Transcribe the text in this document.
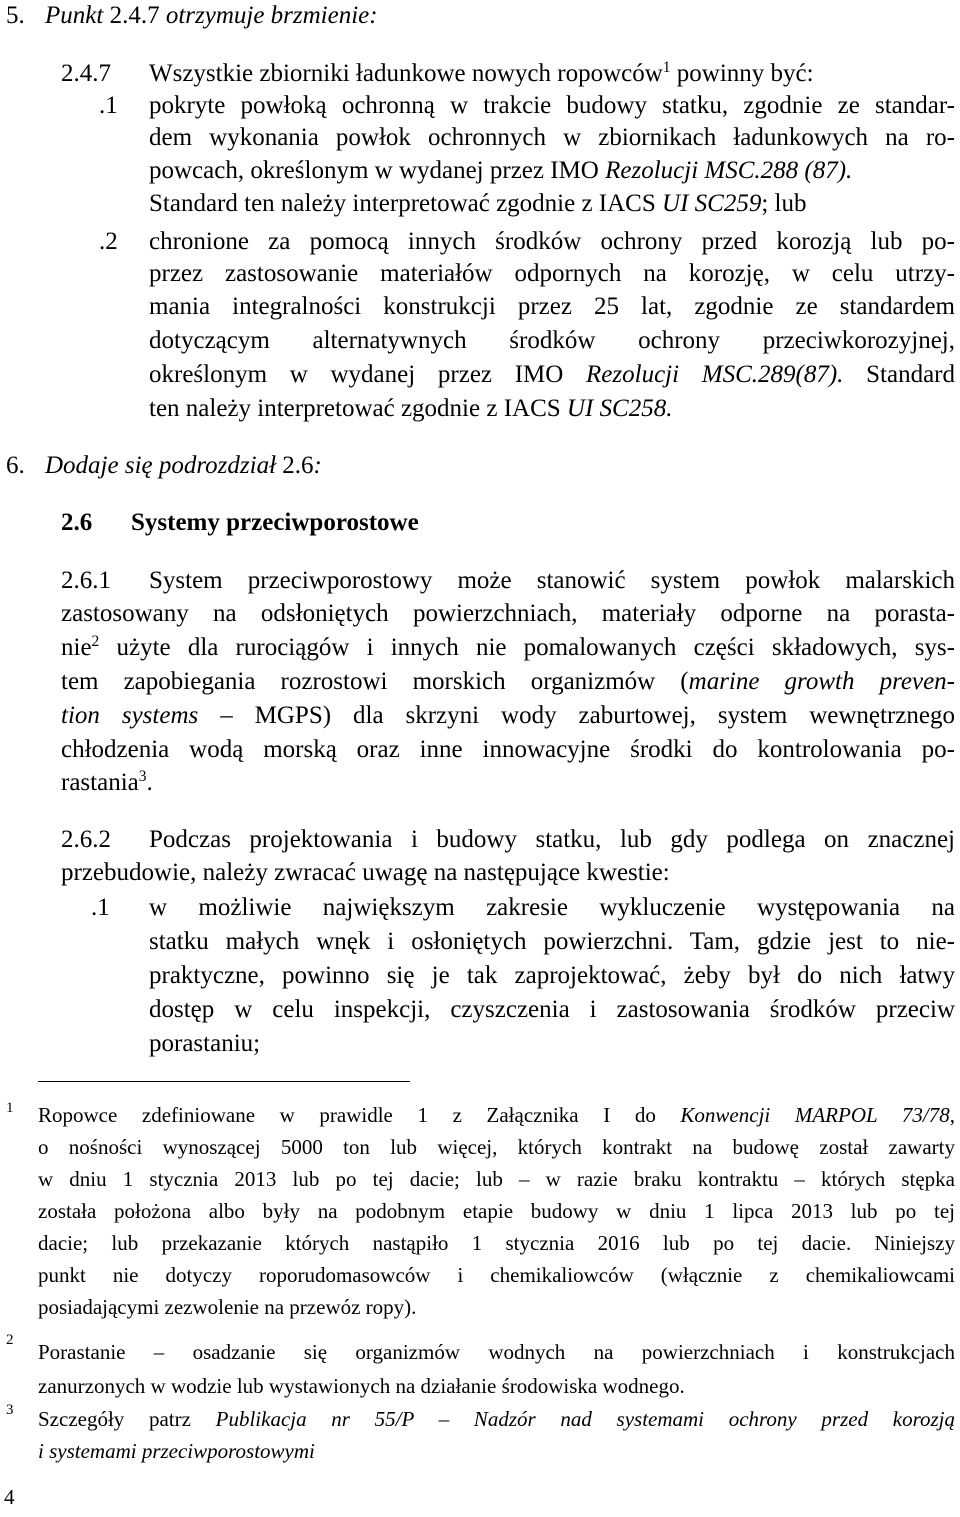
5. Punkt 2.4.7 otrzymuje brzmienie:
2.4.7 Wszystkie zbiorniki ładunkowe nowych ropowców$^1$ powinny być:
.1 pokryte powłoką ochronną w trakcie budowy statku, zgodnie ze standar-
dem wykonania powłok ochronnych w zbiornikach ładunkowych na ro-
powcach, określonym w wydanej przez IMO Rezolucji MSC.288 (87).
Standard ten należy interpretować zgodnie z IACS UI SC259; lub
.2 chronione za pomocą innych środków ochrony przed korozją lub po-
przez zastosowanie materiałów odpornych na korozję, w celu utrzy-
mania integralności konstrukcji przez 25 lat, zgodnie ze standardem
dotyczącym alternatywnych środków ochrony przeciwkorozyjnej,
określonym w wydanej przez IMO Rezolucji MSC.289(87). Standard
ten należy interpretować zgodnie z IACS UI SC258.
6. Dodaje się podrozdział 2.6:
2.6 Systemy przeciwporostowe
2.6.1 System przeciwporostowy może stanowić system powłok malarskich
zastosowany na odsłoniętych powierzchniach, materiały odporne na porasta-
nie$^2$ użyte dla rurociągów i innych nie pomalowanych części składowych, sys-
tem zapobiegania rozrostowi morskich organizmów (marine growth preven-
tion systems – MGPS) dla skrzyni wody zaburtowej, system wewnętrznego
chłodzenia wodą morską oraz inne innowacyjne środki do kontrolowania po-
rastania$^3$.
2.6.2 Podczas projektowania i budowy statku, lub gdy podlega on znacznej
przebudowie, należy zwracać uwagę na następujące kwestie:
.1 w możliwie największym zakresie wykluczenie występowania na
statku małych wnęk i osłoniętych powierzchni. Tam, gdzie jest to nie-
praktyczne, powinno się je tak zaprojektować, żeby był do nich łatwy
dostęp w celu inspekcji, czyszczenia i zastosowania środków przeciw
porastaniu;
1 Ropowce zdefiniowane w prawidle 1 z Załącznika I do Konwencji MARPOL 73/78,
o nośności wynoszącej 5000 ton lub więcej, których kontrakt na budowę został zawarty
w dniu 1 stycznia 2013 lub po tej dacie; lub – w razie braku kontraktu – których stępka
została położona albo były na podobnym etapie budowy w dniu 1 lipca 2013 lub po tej
dacie; lub przekazanie których nastąpiło 1 stycznia 2016 lub po tej dacie. Niniejszy
punkt nie dotyczy roporudomasowców i chemikaliowców (włącznie z chemikaliowcami
posiadającymi zezwolenie na przewóz ropy).
2 Porastanie – osadzanie się organizmów wodnych na powierzchniach i konstrukcjach
zanurzonych w wodzie lub wystawionych na działanie środowiska wodnego.
3 Szczegóły patrz Publikacja nr 55/P – Nadzór nad systemami ochrony przed korozją
i systemami przeciwporostowymi
4
